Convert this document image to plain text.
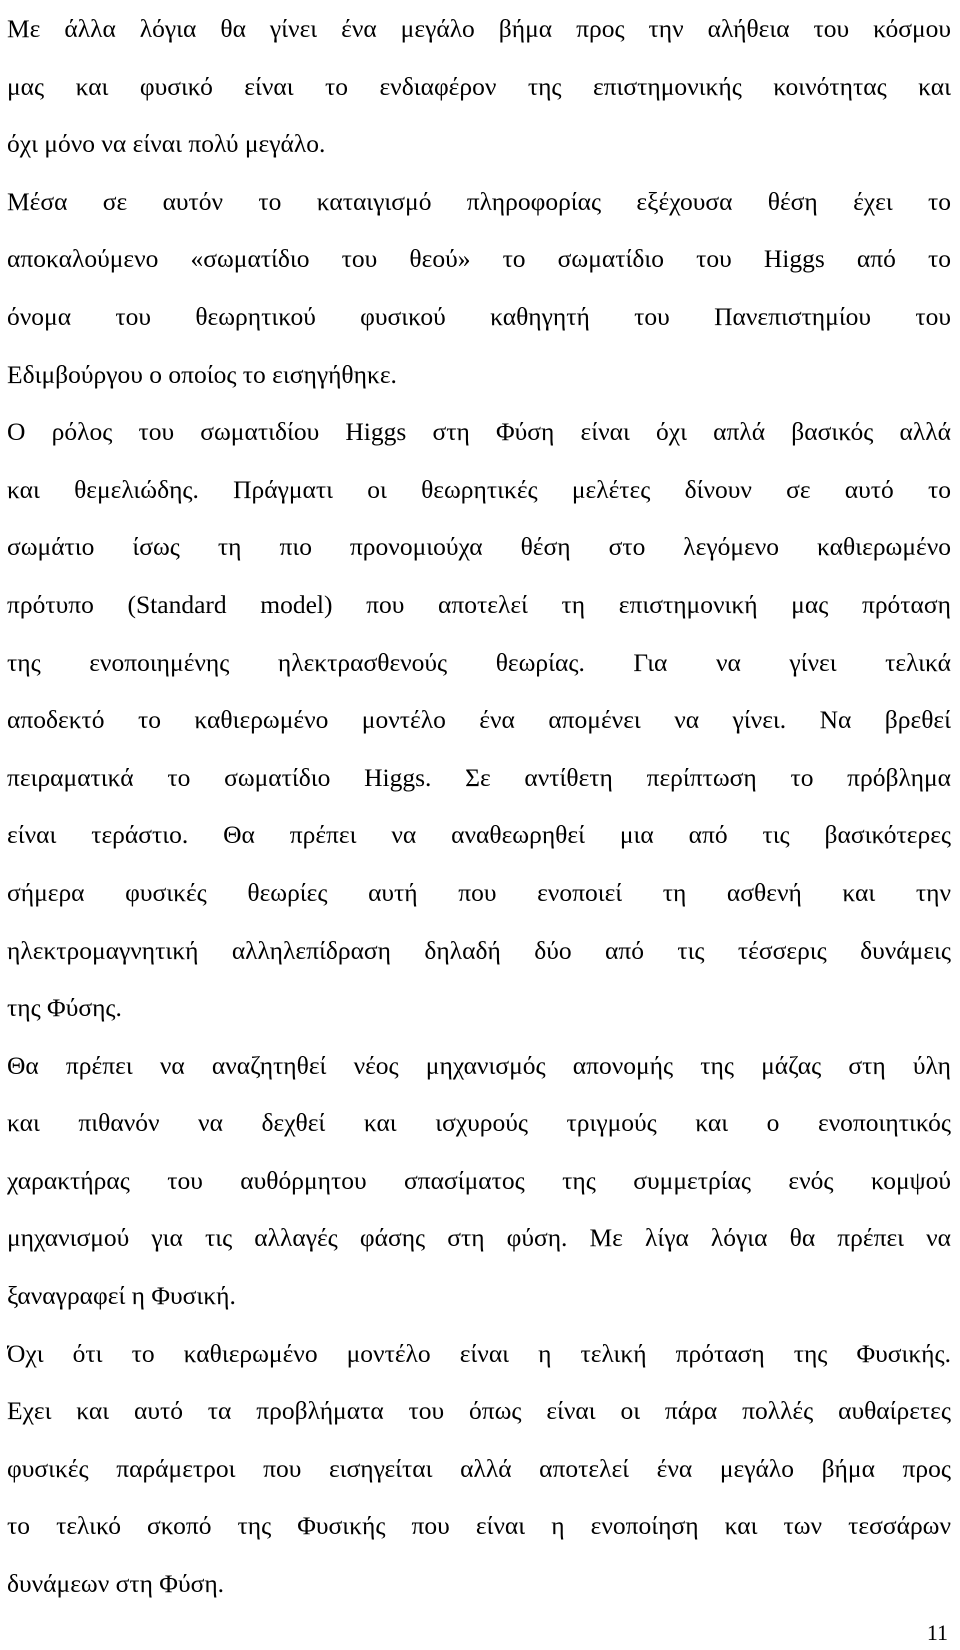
Με άλλα λόγια θα γίνει ένα μεγάλο βήμα προς την αλήθεια του κόσμου
μας και φυσικό είναι το ενδιαφέρον της επιστημονικής κοινότητας και
όχι μόνο να είναι πολύ μεγάλο.
Μέσα σε αυτόν το καταιγισμό πληροφορίας εξέχουσα θέση έχει το
αποκαλούμενο «σωματίδιο του θεού» το σωματίδιο του Higgs από το
όνομα του θεωρητικού φυσικού καθηγητή του Πανεπιστημίου του
Εδιμβούργου ο οποίος το εισηγήθηκε.
Ο ρόλος του σωματιδίου Higgs στη Φύση είναι όχι απλά βασικός αλλά
και θεμελιώδης. Πράγματι οι θεωρητικές μελέτες δίνουν σε αυτό το
σωμάτιο ίσως τη πιο προνομιούχα θέση στο λεγόμενο καθιερωμένο
πρότυπο (Standard model) που αποτελεί τη επιστημονική μας πρόταση
της ενοποιημένης ηλεκτρασθενούς θεωρίας. Για να γίνει τελικά
αποδεκτό το καθιερωμένο μοντέλο ένα απομένει να γίνει. Να βρεθεί
πειραματικά το σωματίδιο Higgs. Σε αντίθετη περίπτωση το πρόβλημα
είναι τεράστιο. Θα πρέπει να αναθεωρηθεί μια από τις βασικότερες
σήμερα φυσικές θεωρίες αυτή που ενοποιεί τη ασθενή και την
ηλεκτρομαγνητική αλληλεπίδραση δηλαδή δύο από τις τέσσερις δυνάμεις
της Φύσης.
Θα πρέπει να αναζητηθεί νέος μηχανισμός απονομής της μάζας στη ύλη
και πιθανόν να δεχθεί και ισχυρούς τριγμούς και ο ενοποιητικός
χαρακτήρας του αυθόρμητου σπασίματος της συμμετρίας ενός κομψού
μηχανισμού για τις αλλαγές φάσης στη φύση. Με λίγα λόγια θα πρέπει να
ξαναγραφεί η Φυσική.
Όχι ότι το καθιερωμένο μοντέλο είναι η τελική πρόταση της Φυσικής.
Εχει και αυτό τα προβλήματα του όπως είναι οι πάρα πολλές αυθαίρετες
φυσικές παράμετροι που εισηγείται αλλά αποτελεί ένα μεγάλο βήμα προς
το τελικό σκοπό της Φυσικής που είναι η ενοποίηση και των τεσσάρων
δυνάμεων στη Φύση.
11
